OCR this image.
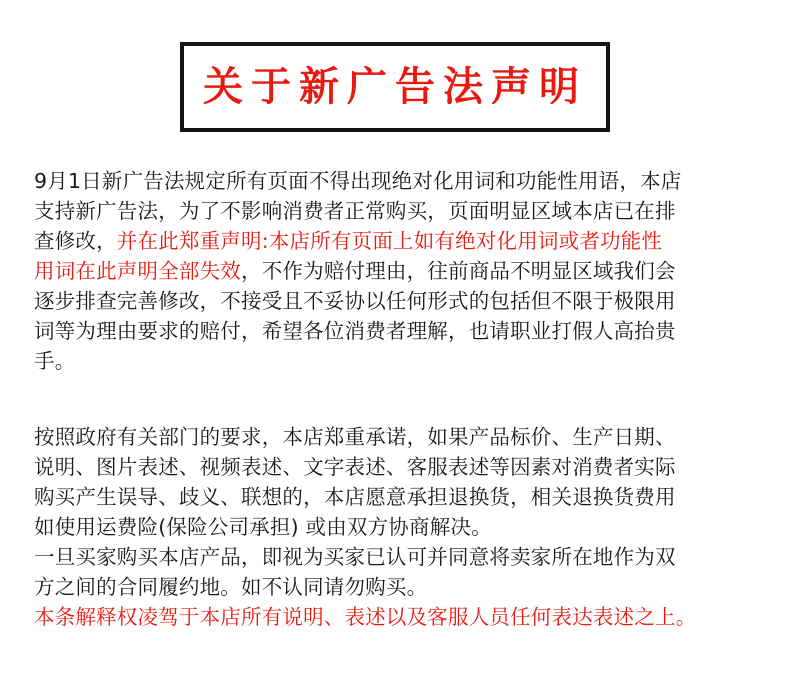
关于新广告法声明
9月1日新广告法规定所有页面不得出现绝对化用词和功能性用语，本店
支持新广告法，为了不影响消费者正常购买，页面明显区域本店已在排
查修改，并在此郑重声明:本店所有页面上如有绝对化用词或者功能性
用词在此声明全部失效，不作为赔付理由，往前商品不明显区域我们会
逐步排查完善修改，不接受且不妥协以任何形式的包括但不限于极限用
词等为理由要求的赔付，希望各位消费者理解，也请职业打假人高抬贵
手。
按照政府有关部门的要求，本店郑重承诺，如果产品标价、生产日期、
说明、图片表述、视频表述、文字表述、客服表述等因素对消费者实际
购买产生误导、歧义、联想的，本店愿意承担退换货，相关退换货费用
如使用运费险(保险公司承担) 或由双方协商解决。
一旦买家购买本店产品，即视为买家已认可并同意将卖家所在地作为双
方之间的合同履约地。如不认同请勿购买。
本条解释权凌驾于本店所有说明、表述以及客服人员任何表达表述之上。
